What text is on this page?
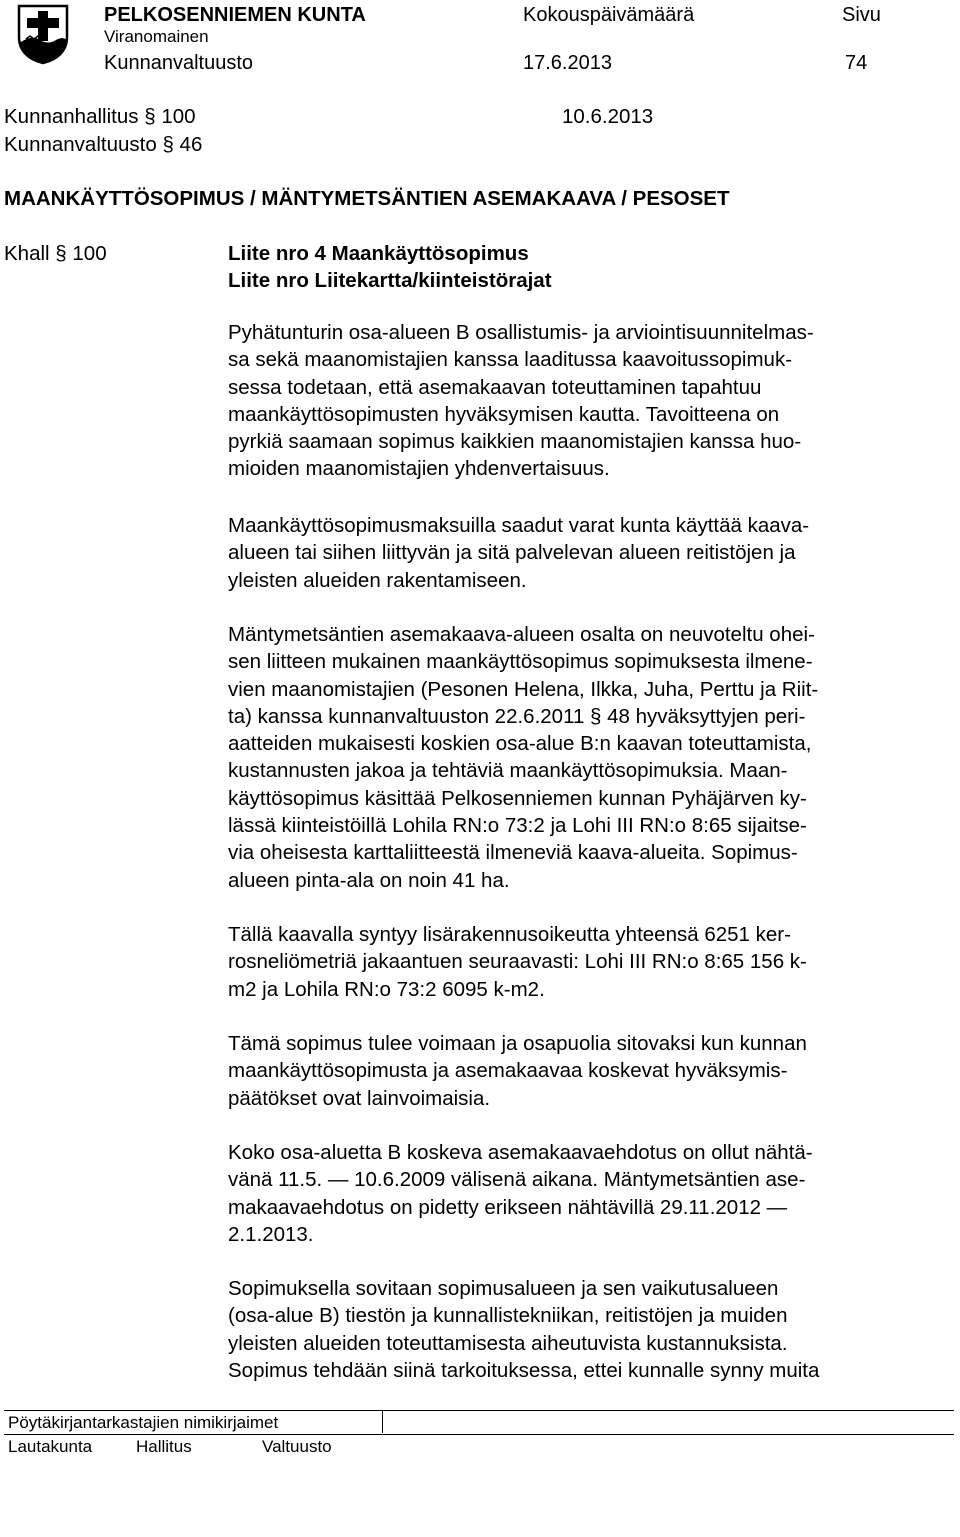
PELKOSENNIEMEN KUNTA	Kokouspäivämäärä	Sivu
Viranomainen
Kunnanvaltuusto	17.6.2013	74
Kunnanhallitus § 100	10.6.2013
Kunnanvaltuusto § 46
MAANKÄYTTÖSOPIMUS / MÄNTYMETSÄNTIEN ASEMAKAAVA / PESOSET
Khall § 100	Liite nro 4 Maankäyttösopimus
Liite nro Liitekartta/kiinteistörajat
Pyhätunturin osa-alueen B osallistumis- ja arviointisuunnitelmas-
sa sekä maanomistajien kanssa laaditussa kaavoitussopimuk-
sessa todetaan, että asemakaavan toteuttaminen tapahtuu
maankäyttösopimusten hyväksymisen kautta. Tavoitteena on
pyrkiä saamaan sopimus kaikkien maanomistajien kanssa huo-
mioiden maanomistajien yhdenvertaisuus.
Maankäyttösopimusmaksuilla saadut varat kunta käyttää kaava-
alueen tai siihen liittyvän ja sitä palvelevan alueen reitistöjen ja
yleisten alueiden rakentamiseen.
Mäntymetsäntien asemakaava-alueen osalta on neuvoteltu ohei-
sen liitteen mukainen maankäyttösopimus sopimuksesta ilmene-
vien maanomistajien (Pesonen Helena, Ilkka, Juha, Perttu ja Riit-
ta) kanssa kunnanvaltuuston 22.6.2011 § 48 hyväksyttyjen peri-
aatteiden mukaisesti koskien osa-alue B:n kaavan toteuttamista,
kustannusten jakoa ja tehtäviä maankäyttösopimuksia. Maan-
käyttösopimus käsittää Pelkosenniemen kunnan Pyhäjärven ky-
lässä kiinteistöillä Lohila RN:o 73:2 ja Lohi III RN:o 8:65 sijaitse-
via oheisesta karttaliitteestä ilmeneviä kaava-alueita. Sopimus-
alueen pinta-ala on noin 41 ha.
Tällä kaavalla syntyy lisärakennusoikeutta yhteensä 6251 ker-
rosneliömetriä jakaantuen seuraavasti: Lohi III RN:o 8:65 156 k-
m2 ja Lohila RN:o 73:2 6095 k-m2.
Tämä sopimus tulee voimaan ja osapuolia sitovaksi kun kunnan
maankäyttösopimusta ja asemakaavaa koskevat hyväksymis-
päätökset ovat lainvoimaisia.
Koko osa-aluetta B koskeva asemakaavaehdotus on ollut nähtä-
vänä 11.5. — 10.6.2009 välisenä aikana. Mäntymetsäntien ase-
makaavaehdotus on pidetty erikseen nähtävillä 29.11.2012 —
2.1.2013.
Sopimuksella sovitaan sopimusalueen ja sen vaikutusalueen
(osa-alue B) tiestön ja kunnallistekniikan, reitistöjen ja muiden
yleisten alueiden toteuttamisesta aiheutuvista kustannuksista.
Sopimus tehdään siinä tarkoituksessa, ettei kunnalle synny muita
Pöytäkirjantarkastajien nimikirjaimet
Lautakunta	Hallitus	Valtuusto
